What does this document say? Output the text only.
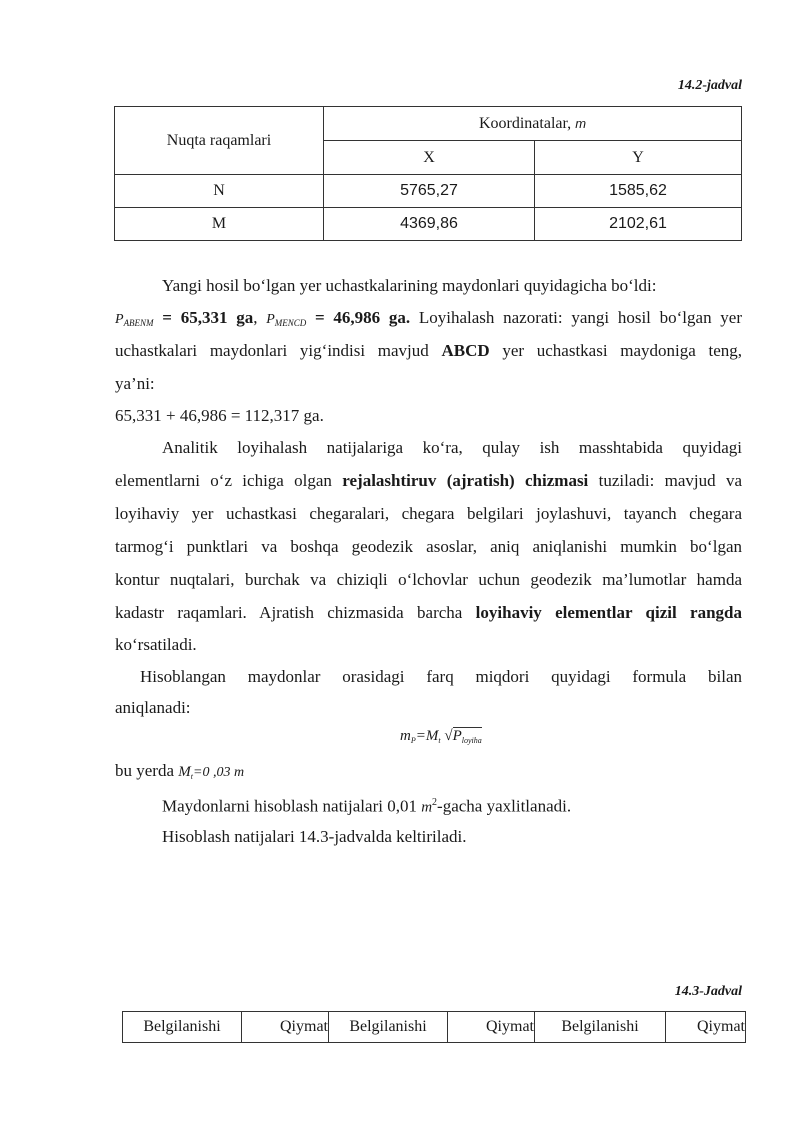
14.2-jadval
Nuqta raqamlari	Koordinatalar, m	
	X	Y
N	5765,27	1585,62
M	4369,86	2102,61
Yangi hosil bo‘lgan yer uchastkalarining maydonlari quyidagicha bo‘ldi:
$P_{ABENM} = 65,331$ ga, $P_{MENCD} = 46,986$ ga. Loyihalash nazorati: yangi hosil bo‘lgan yer
uchastkalari maydonlari yig‘indisi mavjud ABCD yer uchastkasi maydoniga teng,
ya’ni:
65,331 + 46,986 = 112,317 ga.
Analitik loyihalash natijalariga ko‘ra, qulay ish masshtabida quyidagi
elementlarni o‘z ichiga olgan rejalashtiruv (ajratish) chizmasi tuziladi: mavjud va
loyihaviy yer uchastkasi chegaralari, chegara belgilari joylashuvi, tayanch chegara
tarmog‘i punktlari va boshqa geodezik asoslar, aniq aniqlanishi mumkin bo‘lgan
kontur nuqtalari, burchak va chiziqli o‘lchovlar uchun geodezik ma’lumotlar hamda
kadastr raqamlari. Ajratish chizmasida barcha loyihaviy elementlar qizil rangda
ko‘rsatiladi.
Hisoblangan maydonlar orasidagi farq miqdori quyidagi formula bilan
aniqlanadi:
$m_P=M_t$ $√P_{loyiha}$
bu yerda $M_t=0$ ,03 m
Maydonlarni hisoblash natijalari 0,01 $m^2$-gacha yaxlitlanadi.
Hisoblash natijalari 14.3-jadvalda keltiriladi.
14.3-Jadval
Belgilanishi	Qiymat	Belgilanishi	Qiymat	Belgilanishi	Qiymat
